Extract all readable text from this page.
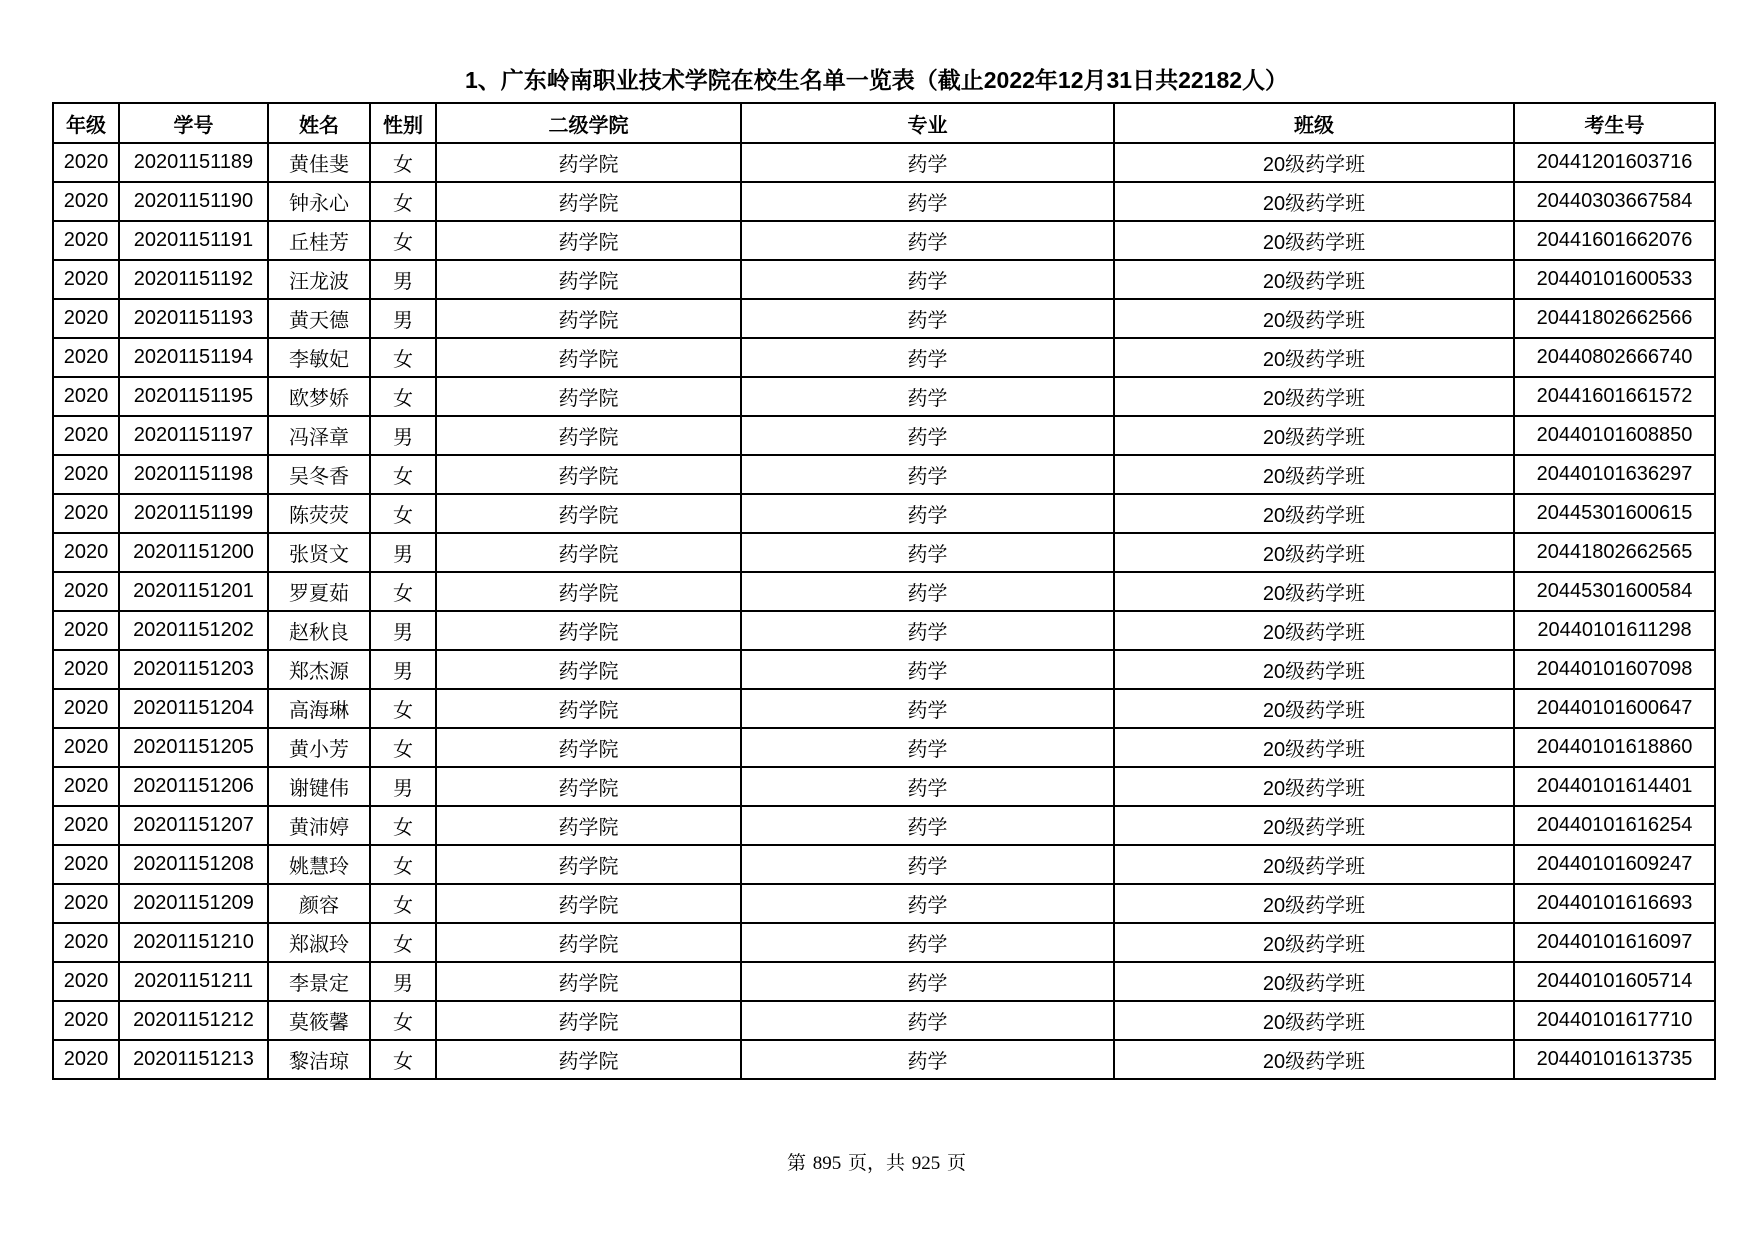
1、广东岭南职业技术学院在校生名单一览表（截止2022年12月31日共22182人）
年级	学号	姓名	性别	二级学院	专业	班级	考生号
2020	20201151189	黄佳斐	女	药学院	药学	20级药学班	20441201603716
2020	20201151190	钟永心	女	药学院	药学	20级药学班	20440303667584
2020	20201151191	丘桂芳	女	药学院	药学	20级药学班	20441601662076
2020	20201151192	汪龙波	男	药学院	药学	20级药学班	20440101600533
2020	20201151193	黄天德	男	药学院	药学	20级药学班	20441802662566
2020	20201151194	李敏妃	女	药学院	药学	20级药学班	20440802666740
2020	20201151195	欧梦娇	女	药学院	药学	20级药学班	20441601661572
2020	20201151197	冯泽章	男	药学院	药学	20级药学班	20440101608850
2020	20201151198	吴冬香	女	药学院	药学	20级药学班	20440101636297
2020	20201151199	陈荧荧	女	药学院	药学	20级药学班	20445301600615
2020	20201151200	张贤文	男	药学院	药学	20级药学班	20441802662565
2020	20201151201	罗夏茹	女	药学院	药学	20级药学班	20445301600584
2020	20201151202	赵秋良	男	药学院	药学	20级药学班	20440101611298
2020	20201151203	郑杰源	男	药学院	药学	20级药学班	20440101607098
2020	20201151204	高海琳	女	药学院	药学	20级药学班	20440101600647
2020	20201151205	黄小芳	女	药学院	药学	20级药学班	20440101618860
2020	20201151206	谢键伟	男	药学院	药学	20级药学班	20440101614401
2020	20201151207	黄沛婷	女	药学院	药学	20级药学班	20440101616254
2020	20201151208	姚慧玲	女	药学院	药学	20级药学班	20440101609247
2020	20201151209	颜容	女	药学院	药学	20级药学班	20440101616693
2020	20201151210	郑淑玲	女	药学院	药学	20级药学班	20440101616097
2020	20201151211	李景定	男	药学院	药学	20级药学班	20440101605714
2020	20201151212	莫筱馨	女	药学院	药学	20级药学班	20440101617710
2020	20201151213	黎洁琼	女	药学院	药学	20级药学班	20440101613735
第 895 页，共 925 页
